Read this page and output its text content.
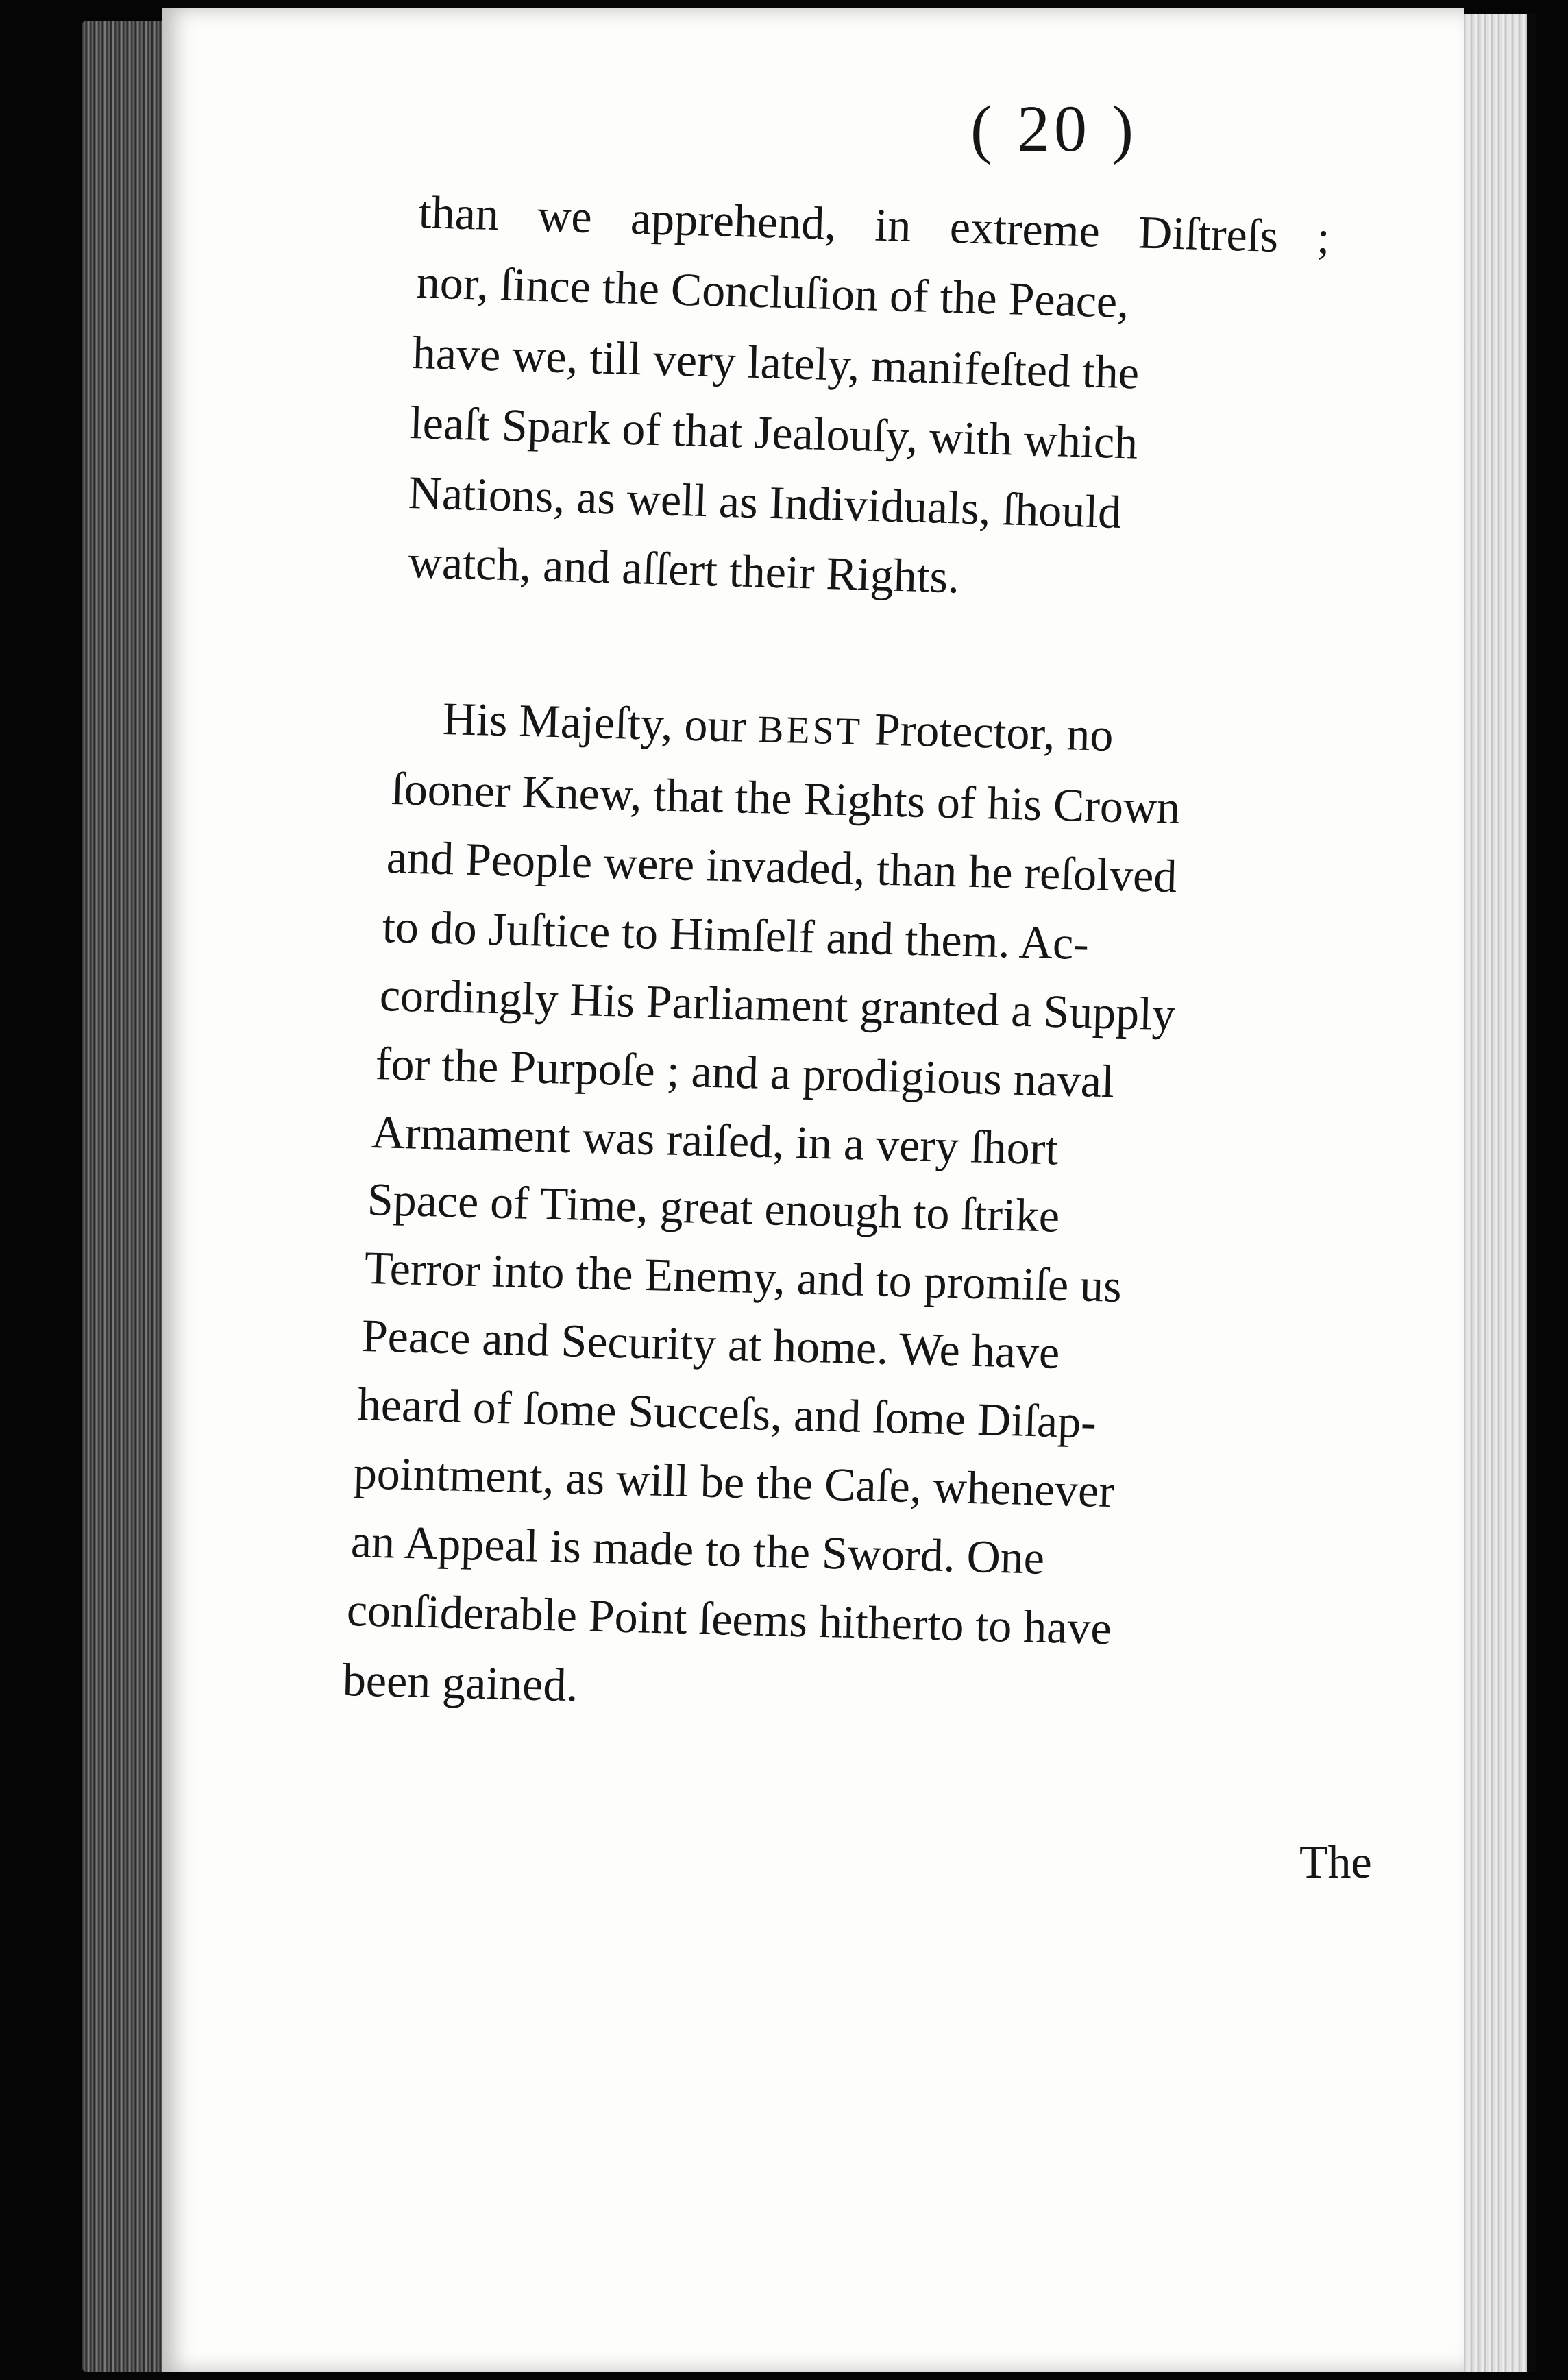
( 20 )
than we apprehend, in extreme Diſtreſs ;
nor, ſince the Concluſion of the Peace,
have we, till very lately, manifeſted the
leaſt Spark of that Jealouſy, with which
Nations, as well as Individuals, ſhould
watch, and aſſert their Rights.
His Majeſty, our BEST Protector, no
ſooner Knew, that the Rights of his Crown
and People were invaded, than he reſolved
to do Juſtice to Himſelf and them. Ac-
cordingly His Parliament granted a Supply
for the Purpoſe ; and a prodigious naval
Armament was raiſed, in a very ſhort
Space of Time, great enough to ſtrike
Terror into the Enemy, and to promiſe us
Peace and Security at home. We have
heard of ſome Succeſs, and ſome Diſap-
pointment, as will be the Caſe, whenever
an Appeal is made to the Sword. One
conſiderable Point ſeems hitherto to have
been gained.
The
